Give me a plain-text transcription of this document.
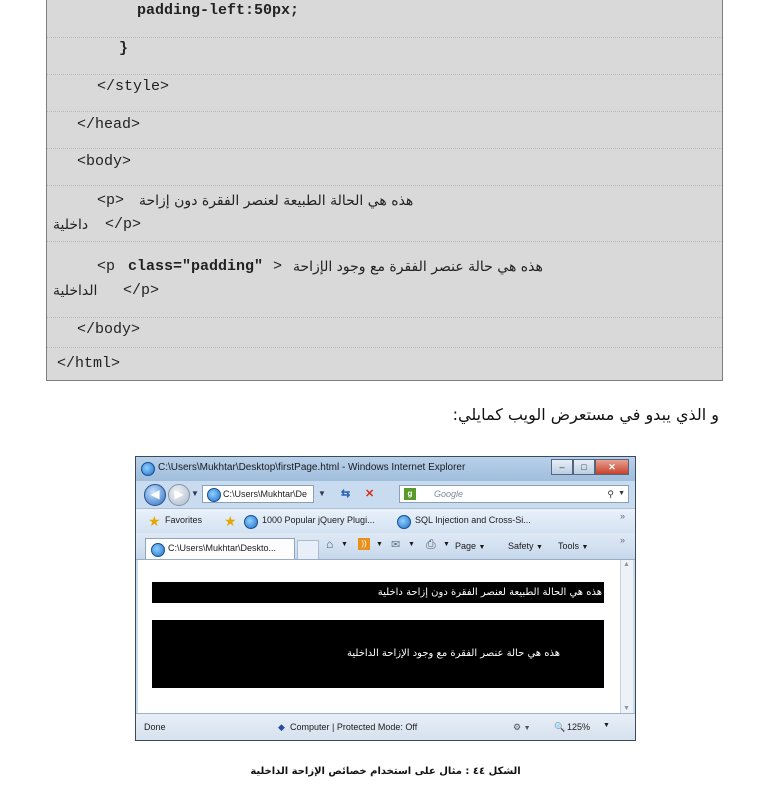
padding-left:50px;
}
</style>
</head>
<body>
<p> هذه هي الحالة الطبيعة لعنصر الفقرة دون إزاحة
</p>
داخلية
<p class="padding" > هذه هي حالة عنصر الفقرة مع وجود الإزاحة
</p>
الداخلية
</body>
</html>
و الذي يبدو في مستعرض الويب كمايلي:
C:\Users\Mukhtar\Desktop\firstPage.html - Windows Internet Explorer	–	□	✕
◀	▶ ▼	C:\Users\Mukhtar\De	▼ ⇆ ✕	g	Google	⚲ ▼
★ Favorites ★	1000 Popular jQuery Plugi...	SQL Injection and Cross-Si...	»
C:\Users\Mukhtar\Deskto...	⌂ ▼	))	▼ ✉ ▼ ⎙ ▼ Page ▼	Safety ▼ Tools ▼
»
هذه هي الحالة الطبيعة لعنصر الفقرة دون إزاحة داخلية
هذه هي حالة عنصر الفقرة مع وجود الإزاحة الداخلية
▲
▼
Done	◆ Computer | Protected Mode: Off	⚙ ▼	🔍 125% ▼
الشكل ٤٤ : مثال على استخدام خصائص الإزاحة الداخلية
